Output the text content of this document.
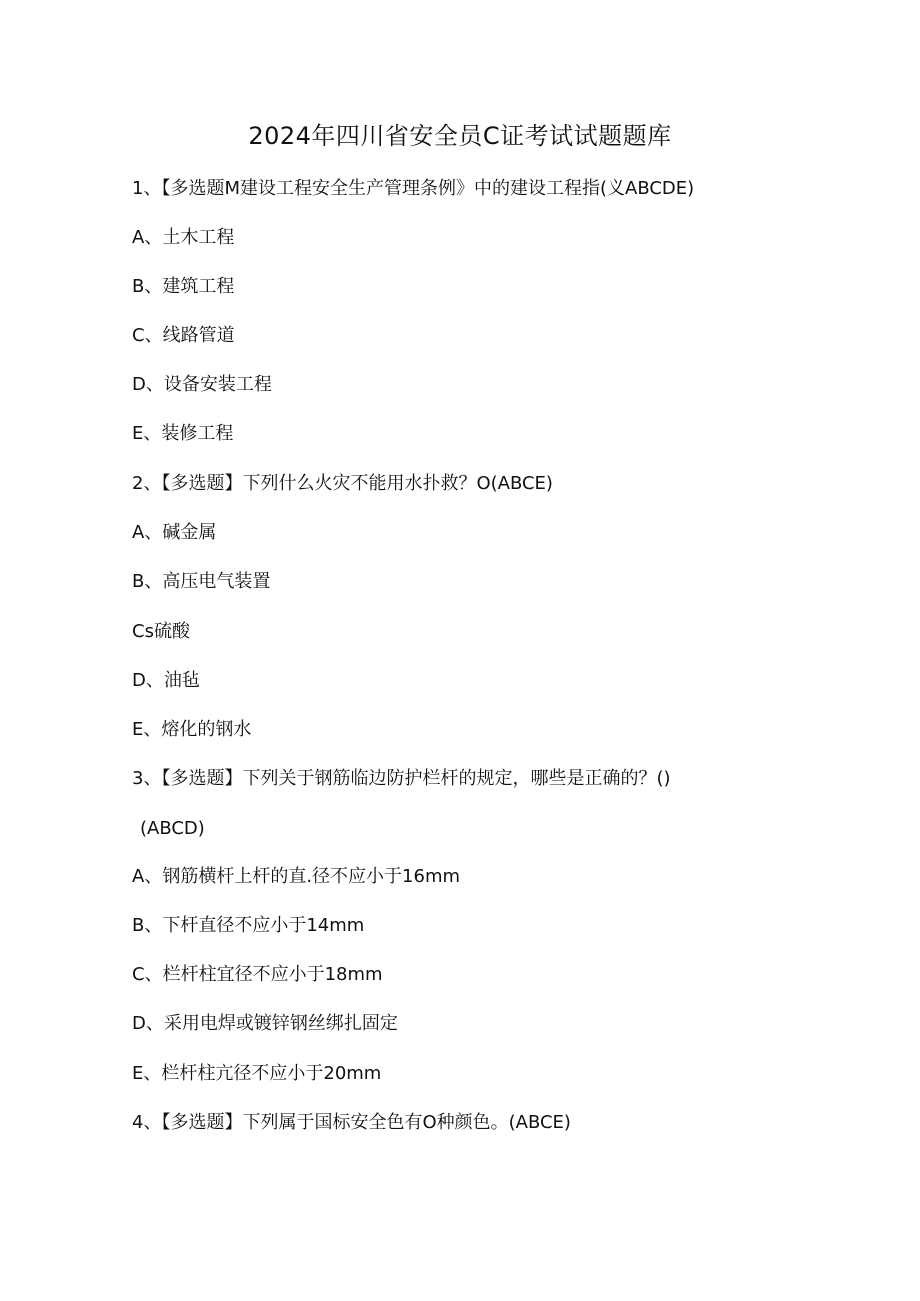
2024年四川省安全员C证考试试题题库
1、【多选题M建设工程安全生产管理条例》中的建设工程指(义ABCDE)
A、土木工程
B、建筑工程
C、线路管道
D、设备安装工程
E、装修工程
2、【多选题】下列什么火灾不能用水扑救？O(ABCE)
A、碱金属
B、高压电气装置
Cs硫酸
D、油毡
E、熔化的钢水
3、【多选题】下列关于钢筋临边防护栏杆的规定，哪些是正确的？()
(ABCD)
A、钢筋横杆上杆的直.径不应小于16mm
B、下杆直径不应小于14mm
C、栏杆柱宜径不应小于18mm
D、采用电焊或镀锌钢丝绑扎固定
E、栏杆柱亢径不应小于20mm
4、【多选题】下列属于国标安全色有O种颜色。(ABCE)
